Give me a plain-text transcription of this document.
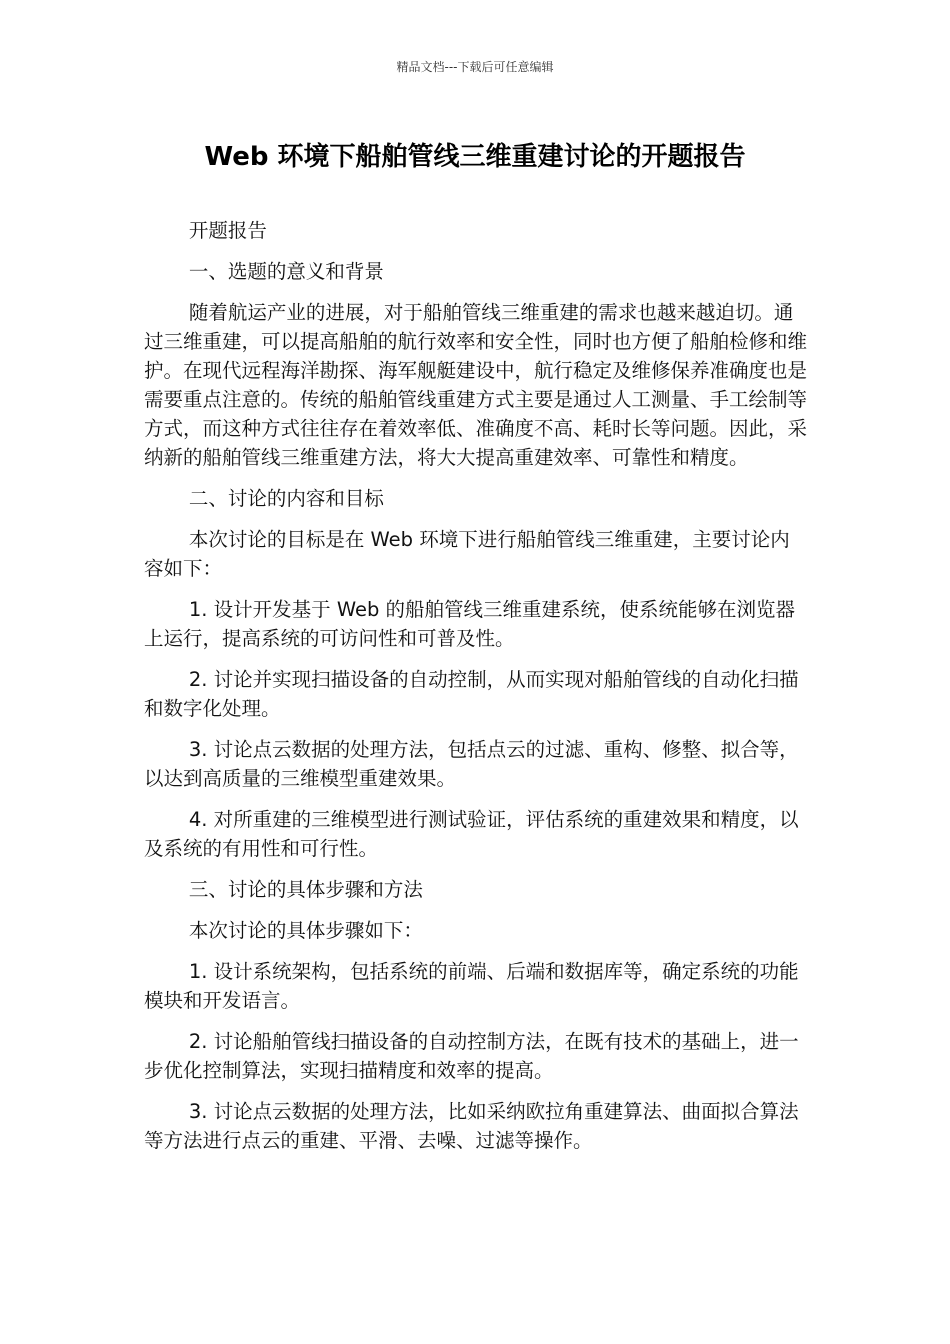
精品文档---下载后可任意编辑
Web 环境下船舶管线三维重建讨论的开题报告

开题报告

一、选题的意义和背景

随着航运产业的进展，对于船舶管线三维重建的需求也越来越迫切。通过三维重建，可以提高船舶的航行效率和安全性，同时也方便了船舶检修和维护。在现代远程海洋勘探、海军舰艇建设中，航行稳定及维修保养准确度也是需要重点注意的。传统的船舶管线重建方式主要是通过人工测量、手工绘制等方式，而这种方式往往存在着效率低、准确度不高、耗时长等问题。因此，采纳新的船舶管线三维重建方法，将大大提高重建效率、可靠性和精度。

二、讨论的内容和目标

本次讨论的目标是在 Web 环境下进行船舶管线三维重建，主要讨论内容如下：

1. 设计开发基于 Web 的船舶管线三维重建系统，使系统能够在浏览器上运行，提高系统的可访问性和可普及性。

2. 讨论并实现扫描设备的自动控制，从而实现对船舶管线的自动化扫描和数字化处理。

3. 讨论点云数据的处理方法，包括点云的过滤、重构、修整、拟合等，以达到高质量的三维模型重建效果。

4. 对所重建的三维模型进行测试验证，评估系统的重建效果和精度，以及系统的有用性和可行性。

三、讨论的具体步骤和方法

本次讨论的具体步骤如下：

1. 设计系统架构，包括系统的前端、后端和数据库等，确定系统的功能模块和开发语言。

2. 讨论船舶管线扫描设备的自动控制方法，在既有技术的基础上，进一步优化控制算法，实现扫描精度和效率的提高。

3. 讨论点云数据的处理方法，比如采纳欧拉角重建算法、曲面拟合算法等方法进行点云的重建、平滑、去噪、过滤等操作。
